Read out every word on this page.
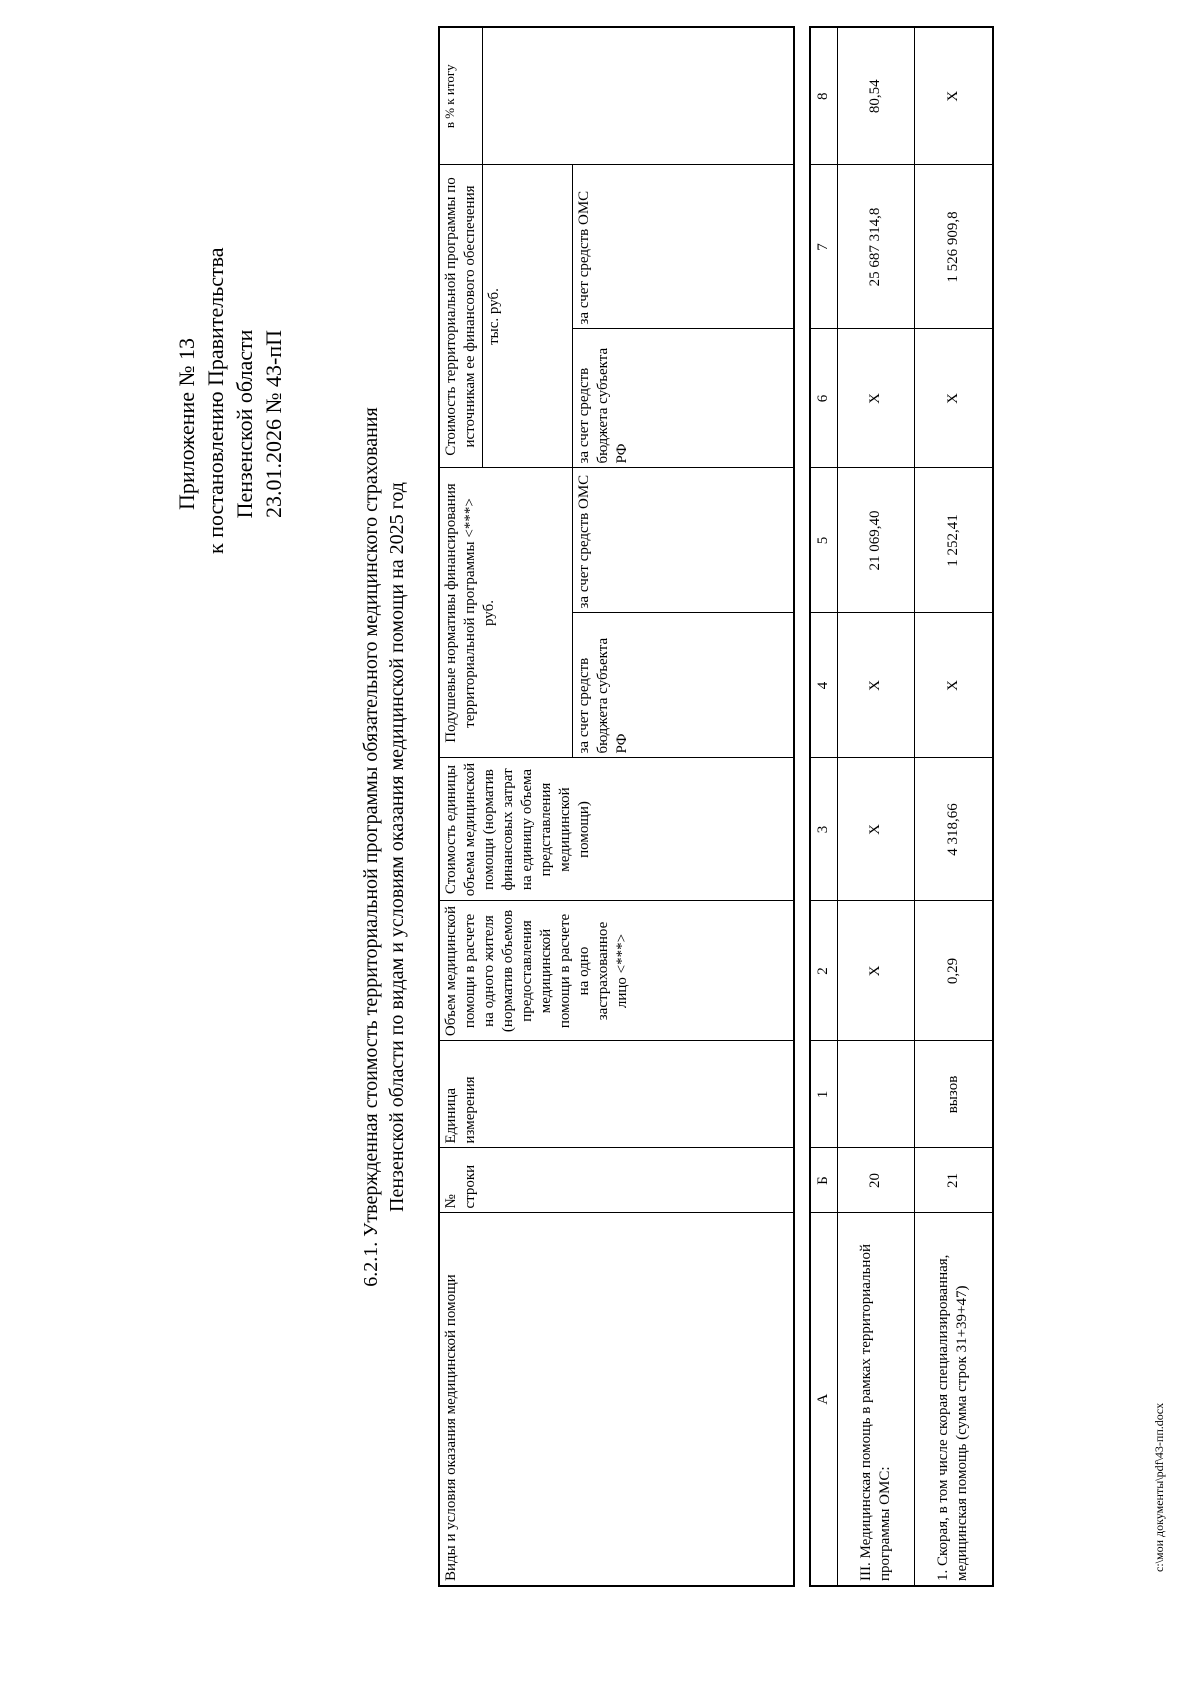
Приложение № 13 к постановлению Правительства Пензенской области 23.01.2026 № 43-пП	6.2.1. Утвержденная стоимость территориальной программы обязательного медицинского страхования Пензенской области по видам и условиям оказания медицинской помощи на 2025 год
Виды и условия оказания медицинской помощи	№ строки	Единица измерения	Объем медицинской помощи в расчете на одного жителя (норматив объемов предоставления медицинской помощи в расчете на одно застрахованное лицо <***>	Стоимость единицы объема медицинской помощи (норматив финансовых затрат на единицу объема представления медицинской помощи)	Подушевые нормативы финансирования территориальной программы <***> руб.		Стоимость территориальной программы по источникам ее финансового обеспечения		в % к итогу
							тыс. руб.		
					за счет средств бюджета субъекта РФ	за счет средств ОМС	за счет средств бюджета субъекта РФ	за счет средств ОМС	
А	Б	1	2	3	4	5	6	7	8
III. Медицинская помощь в рамках территориальной программы ОМС:	20		Х	Х	Х	21 069,40	Х	25 687 314,8	80,54
1. Скорая, в том числе скорая специализированная, медицинская помощь (сумма строк 31+39+47)	21	вызов	0,29	4 318,66	Х	1 252,41	Х	1 526 909,8	Х
c:\мои документы\pdf\43-пп.docx
